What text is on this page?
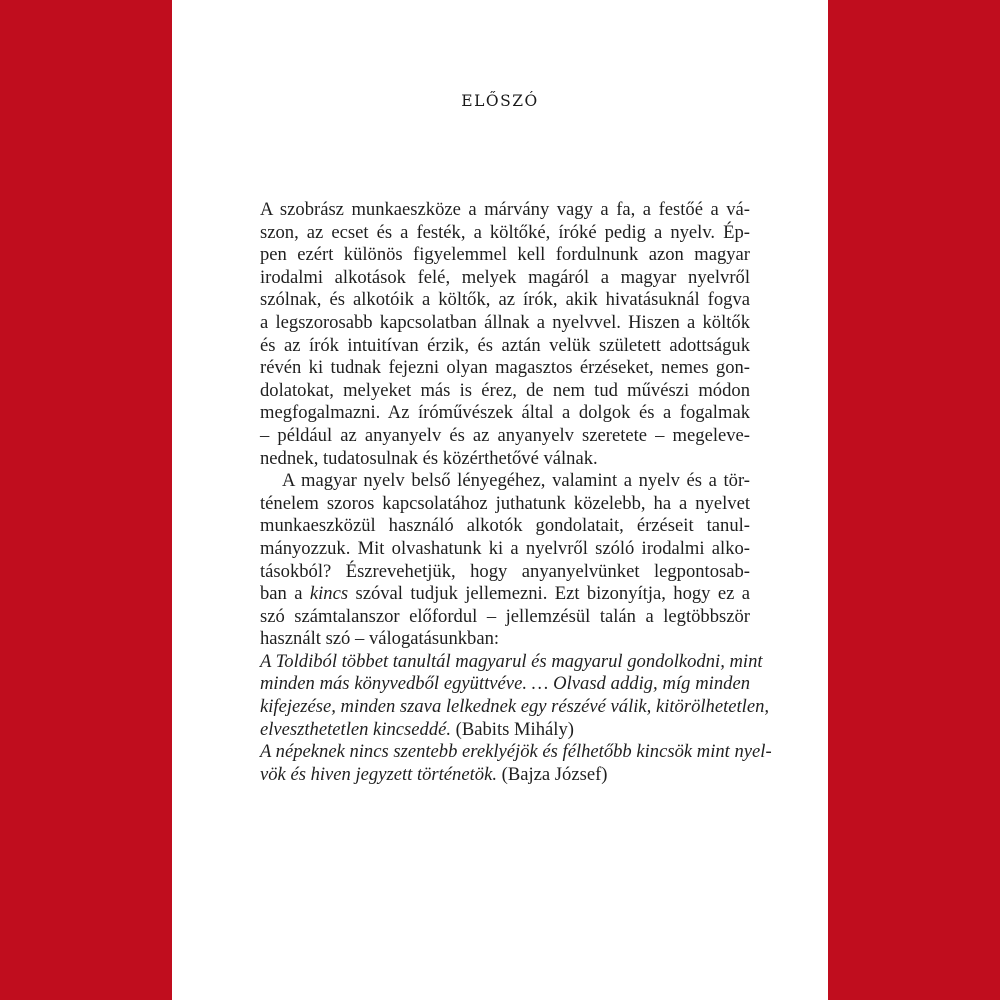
ELŐSZÓ
A szobrász munkaeszköze a márvány vagy a fa, a festőé a vá-
szon, az ecset és a festék, a költőké, íróké pedig a nyelv. Ép-
pen ezért különös figyelemmel kell fordulnunk azon magyar
irodalmi alkotások felé, melyek magáról a magyar nyelvről
szólnak, és alkotóik a költők, az írók, akik hivatásuknál fogva
a legszorosabb kapcsolatban állnak a nyelvvel. Hiszen a költők
és az írók intuitívan érzik, és aztán velük született adottságuk
révén ki tudnak fejezni olyan magasztos érzéseket, nemes gon-
dolatokat, melyeket más is érez, de nem tud művészi módon
megfogalmazni. Az íróművészek által a dolgok és a fogalmak
– például az anyanyelv és az anyanyelv szeretete – megeleve-
nednek, tudatosulnak és közérthetővé válnak.
A magyar nyelv belső lényegéhez, valamint a nyelv és a tör-
ténelem szoros kapcsolatához juthatunk közelebb, ha a nyelvet
munkaeszközül használó alkotók gondolatait, érzéseit tanul-
mányozzuk. Mit olvashatunk ki a nyelvről szóló irodalmi alko-
tásokból? Észrevehetjük, hogy anyanyelvünket legpontosab-
ban a kincs szóval tudjuk jellemezni. Ezt bizonyítja, hogy ez a
szó számtalanszor előfordul – jellemzésül talán a legtöbbször
használt szó – válogatásunkban:
A Toldiból többet tanultál magyarul és magyarul gondolkodni, mint
minden más könyvedből együttvéve. … Olvasd addig, míg minden
kifejezése, minden szava lelkednek egy részévé válik, kitörölhetetlen,
elveszthetetlen kincseddé. (Babits Mihály)
A népeknek nincs szentebb ereklyéjök és félhetőbb kincsök mint nyel-
vök és hiven jegyzett történetök. (Bajza József)
